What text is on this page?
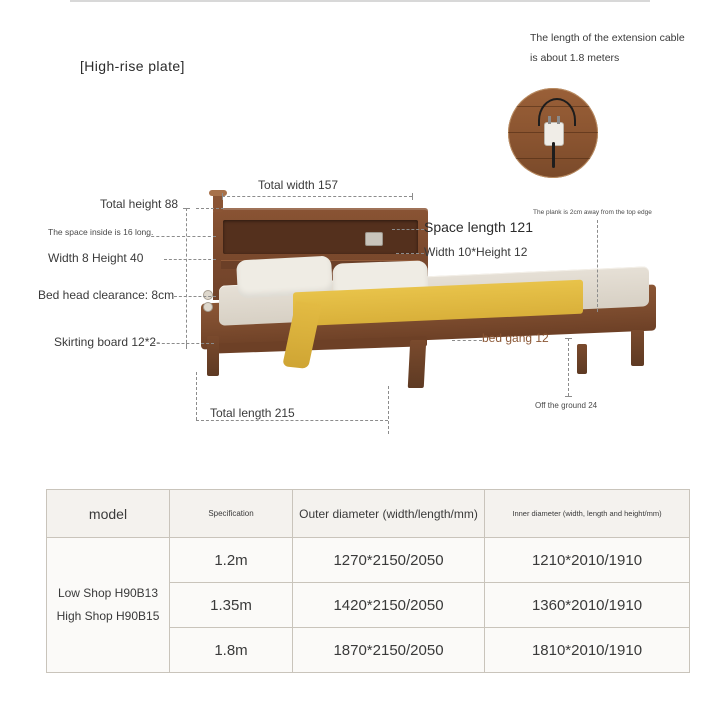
[High-rise plate]
The length of the extension cable is about 1.8 meters
Total width 157
Total height 88
The space inside is 16 long.
Width 8 Height 40
Bed head clearance: 8cm
Skirting board 12*2-
Space length 121
Width 10*Height 12
The plank is 2cm away from the top edge
bed gang 12
Off the ground 24
Total length 215
model	Specification	Outer diameter (width/length/mm)	Inner diameter (width, length and height/mm)

Low Shop H90B13
High Shop H90B15	1.2m	1270*2150/2050	1210*2010/1910
	1.35m	1420*2150/2050	1360*2010/1910
	1.8m	1870*2150/2050	1810*2010/1910
